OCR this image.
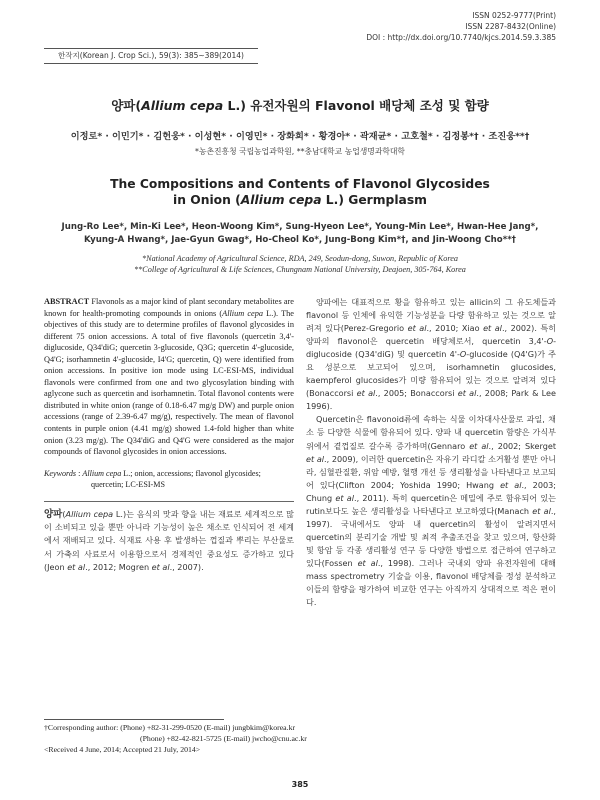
한작지(Korean J. Crop Sci.), 59(3): 385~389(2014)
ISSN 0252-9777(Print)
ISSN 2287-8432(Online)
DOI : http://dx.doi.org/10.7740/kjcs.2014.59.3.385
양파(Allium cepa L.) 유전자원의 Flavonol 배당체 조성 및 함량
이정로* · 이민기* · 김헌웅* · 이성현* · 이영민* · 장화희* · 황경아* · 곽재균* · 고호철* · 김정봉*† · 조진웅**†
*농촌진흥청 국립농업과학원, **충남대학교 농업생명과학대학
The Compositions and Contents of Flavonol Glycosides
in Onion (Allium cepa L.) Germplasm
Jung-Ro Lee*, Min-Ki Lee*, Heon-Woong Kim*, Sung-Hyeon Lee*, Young-Min Lee*, Hwan-Hee Jang*,
Kyung-A Hwang*, Jae-Gyun Gwag*, Ho-Cheol Ko*, Jung-Bong Kim*†, and Jin-Woong Cho**†
*National Academy of Agricultural Science, RDA, 249, Seodun-dong, Suwon, Republic of Korea
**College of Agricultural & Life Sciences, Chungnam National University, Deajoen, 305-764, Korea

ABSTRACT Flavonols as a major kind of plant secondary metabolites are known for health-promoting compounds in onions (Allium cepa L.). The objectives of this study are to determine profiles of flavonol glycosides in different 75 onion accessions. A total of five flavonols (quercetin 3,4'-diglucoside, Q34'diG; quercetin 3-glucoside, Q3G; quercetin 4'-glucoside, Q4'G; isorhamnetin 4'-glucoside, I4'G; quercetin, Q) were identified from onion accessions. In positive ion mode using LC-ESI-MS, individual flavonols were confirmed from one and two glycosylation binding with aglycone such as quercetin and isorhamnetin. Total flavonol contents were distributed in white onion (range of 0.18-6.47 mg/g DW) and purple onion accessions (range of 2.39-6.47 mg/g), respectively. The mean of flavonol contents in purple onion (4.41 mg/g) showed 1.4-fold higher than white onion (3.23 mg/g). The Q34'diG and Q4'G were considered as the major compounds of flavonol glycosides in onion accessions.

Keywords : Allium cepa L.; onion, accessions; flavonol glycosides;
quercetin; LC-ESI-MS

양파(Allium cepa L.)는 음식의 맛과 향을 내는 재료로 세계적으로 많이 소비되고 있을 뿐만 아니라 기능성이 높은 채소로 인식되어 전 세계에서 재배되고 있다. 식재료 사용 후 발생하는 껍질과 뿌리는 부산물로서 가축의 사료로서 이용함으로서 경제적인 중요성도 증가하고 있다(Jeon et al., 2012; Mogren et al., 2007).

양파에는 대표적으로 황을 함유하고 있는 allicin의 그 유도체들과 flavonol 등 인체에 유익한 기능성분을 다량 함유하고 있는 것으로 알려져 있다(Perez-Gregorio et al., 2010; Xiao et al., 2002). 특히 양파의 flavonol은 quercetin 배당체로서, quercetin 3,4'-O-diglucoside (Q34'diG) 및 quercetin 4'-O-glucoside (Q4'G)가 주요 성분으로 보고되어 있으며, isorhamnetin glucosides, kaempferol glucosides가 미량 함유되어 있는 것으로 알려져 있다(Bonaccorsi et al., 2005; Bonaccorsi et al., 2008; Park & Lee 1996).

Quercetin은 flavonoid류에 속하는 식물 이차대사산물로 과일, 채소 등 다양한 식물에 함유되어 있다. 양파 내 quercetin 함량은 가식부위에서 곁껍질로 갈수록 증가하며(Gennaro et al., 2002; Skerget et al., 2009), 이러한 quercetin은 자유기 라디칼 소거활성 뿐만 아니라, 심혈관질환, 위암 예방, 혈행 개선 등 생리활성을 나타낸다고 보고되어 있다(Clifton 2004; Yoshida 1990; Hwang et al., 2003; Chung et al., 2011). 특히 quercetin은 메밀에 주로 함유되어 있는 rutin보다도 높은 생리활성을 나타낸다고 보고하였다(Manach et al., 1997). 국내에서도 양파 내 quercetin의 활성이 알려지면서 quercetin의 분리기술 개발 및 최적 추출조건을 찾고 있으며, 항산화 및 항암 등 각종 생리활성 연구 등 다양한 방법으로 접근하여 연구하고 있다(Fossen et al., 1998). 그러나 국내외 양파 유전자원에 대해 mass spectrometry 기술을 이용, flavonol 배당체를 정성 분석하고 이들의 함량을 평가하여 비교한 연구는 아직까지 상대적으로 적은 편이다.

†Corresponding author: (Phone) +82-31-299-0520 (E-mail) jungbkim@korea.kr
(Phone) +82-42-821-5725 (E-mail) jwcho@cnu.ac.kr
<Received 4 June, 2014; Accepted 21 July, 2014>
385
